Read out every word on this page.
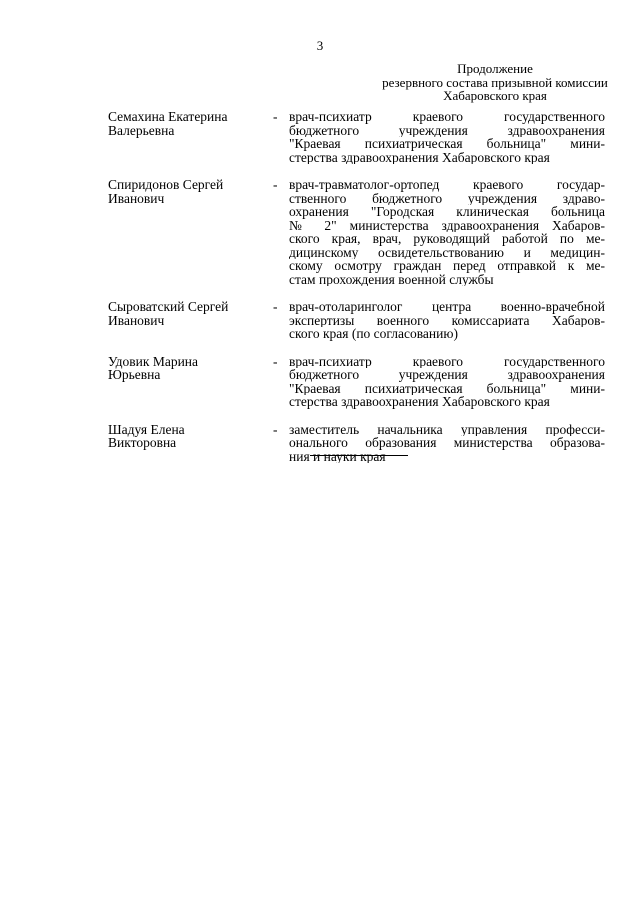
3
Продолжение
резервного состава призывной комиссии
Хабаровского края
Семахина Екатерина
Валерьевна
- врач-психиатр краевого государственного
бюджетного учреждения здравоохранения
"Краевая психиатрическая больница" мини-
стерства здравоохранения Хабаровского края
Спиридонов Сергей
Иванович
- врач-травматолог-ортопед краевого государ-
ственного бюджетного учреждения здраво-
охранения "Городская клиническая больница
№ 2" министерства здравоохранения Хабаров-
ского края, врач, руководящий работой по ме-
дицинскому освидетельствованию и медицин-
скому осмотру граждан перед отправкой к ме-
стам прохождения военной службы
Сыроватский Сергей
Иванович
- врач-отоларинголог центра военно-врачебной
экспертизы военного комиссариата Хабаров-
ского края (по согласованию)
Удовик Марина
Юрьевна
- врач-психиатр краевого государственного
бюджетного учреждения здравоохранения
"Краевая психиатрическая больница" мини-
стерства здравоохранения Хабаровского края
Шадуя Елена
Викторовна
- заместитель начальника управления професси-
онального образования министерства образова-
ния и науки края
